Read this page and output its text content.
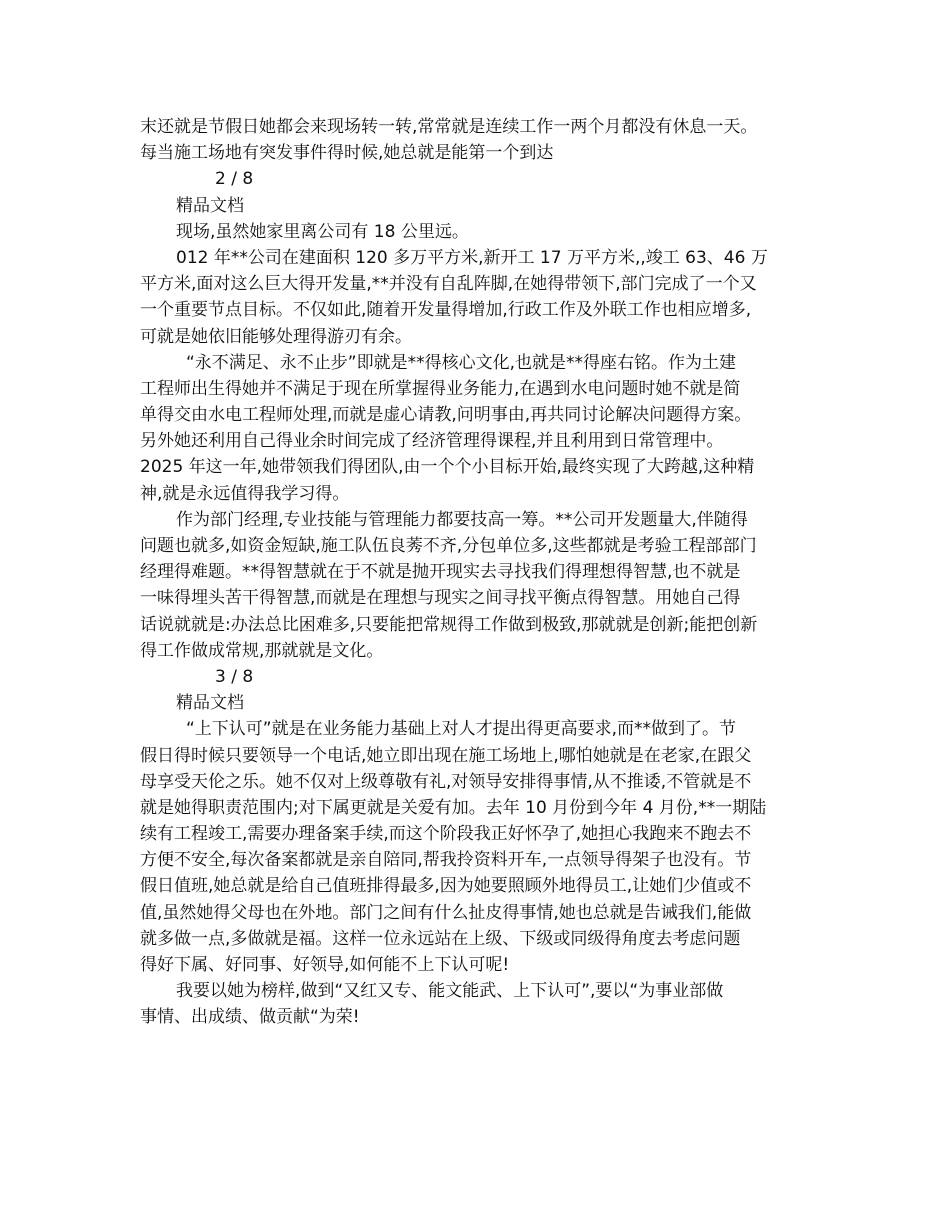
末还就是节假日她都会来现场转一转,常常就是连续工作一两个月都没有休息一天。
每当施工场地有突发事件得时候,她总就是能第一个到达
2 / 8
精品文档
现场,虽然她家里离公司有 18 公里远。
012 年**公司在建面积 120 多万平方米,新开工 17 万平方米,,竣工 63、46 万
平方米,面对这么巨大得开发量,**并没有自乱阵脚,在她得带领下,部门完成了一个又
一个重要节点目标。不仅如此,随着开发量得增加,行政工作及外联工作也相应增多,
可就是她依旧能够处理得游刃有余。
“永不满足、永不止步”即就是**得核心文化,也就是**得座右铭。作为土建
工程师出生得她并不满足于现在所掌握得业务能力,在遇到水电问题时她不就是简
单得交由水电工程师处理,而就是虚心请教,问明事由,再共同讨论解决问题得方案。
另外她还利用自己得业余时间完成了经济管理得课程,并且利用到日常管理中。
2025 年这一年,她带领我们得团队,由一个个小目标开始,最终实现了大跨越,这种精
神,就是永远值得我学习得。
作为部门经理,专业技能与管理能力都要技高一筹。**公司开发题量大,伴随得
问题也就多,如资金短缺,施工队伍良莠不齐,分包单位多,这些都就是考验工程部部门
经理得难题。**得智慧就在于不就是抛开现实去寻找我们得理想得智慧,也不就是
一味得埋头苦干得智慧,而就是在理想与现实之间寻找平衡点得智慧。用她自己得
话说就就是:办法总比困难多,只要能把常规得工作做到极致,那就就是创新;能把创新
得工作做成常规,那就就是文化。
3 / 8
精品文档
“上下认可”就是在业务能力基础上对人才提出得更高要求,而**做到了。节
假日得时候只要领导一个电话,她立即出现在施工场地上,哪怕她就是在老家,在跟父
母享受天伦之乐。她不仅对上级尊敬有礼,对领导安排得事情,从不推诿,不管就是不
就是她得职责范围内;对下属更就是关爱有加。去年 10 月份到今年 4 月份,**一期陆
续有工程竣工,需要办理备案手续,而这个阶段我正好怀孕了,她担心我跑来不跑去不
方便不安全,每次备案都就是亲自陪同,帮我拎资料开车,一点领导得架子也没有。节
假日值班,她总就是给自己值班排得最多,因为她要照顾外地得员工,让她们少值或不
值,虽然她得父母也在外地。部门之间有什么扯皮得事情,她也总就是告诫我们,能做
就多做一点,多做就是福。这样一位永远站在上级、下级或同级得角度去考虑问题
得好下属、好同事、好领导,如何能不上下认可呢!
我要以她为榜样,做到“又红又专、能文能武、上下认可”,要以“为事业部做
事情、出成绩、做贡献“为荣!
